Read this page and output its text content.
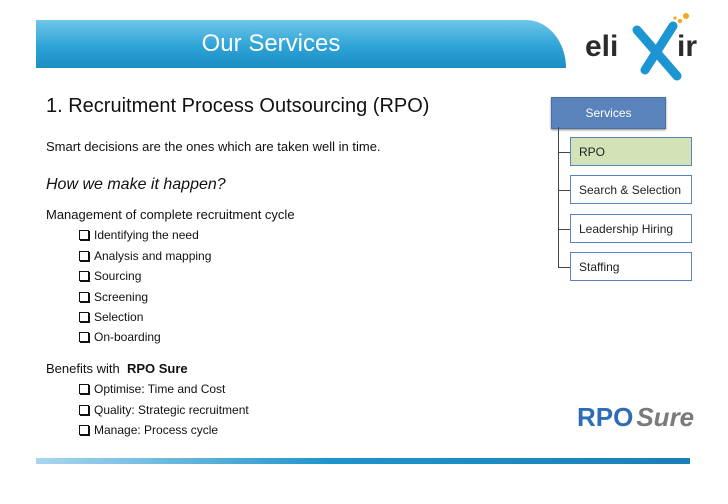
Our Services	eli ir
1. Recruitment Process Outsourcing (RPO)
Smart decisions are the ones which are taken well in time.
How we make it happen?
Management of complete recruitment cycle
Identifying the need
Analysis and mapping
Sourcing
Screening
Selection
On-boarding
Benefits with RPO Sure
Optimise: Time and Cost
Quality: Strategic recruitment
Manage: Process cycle
Services
RPO
Search & Selection
Leadership Hiring
Staffing
RPO Sure
